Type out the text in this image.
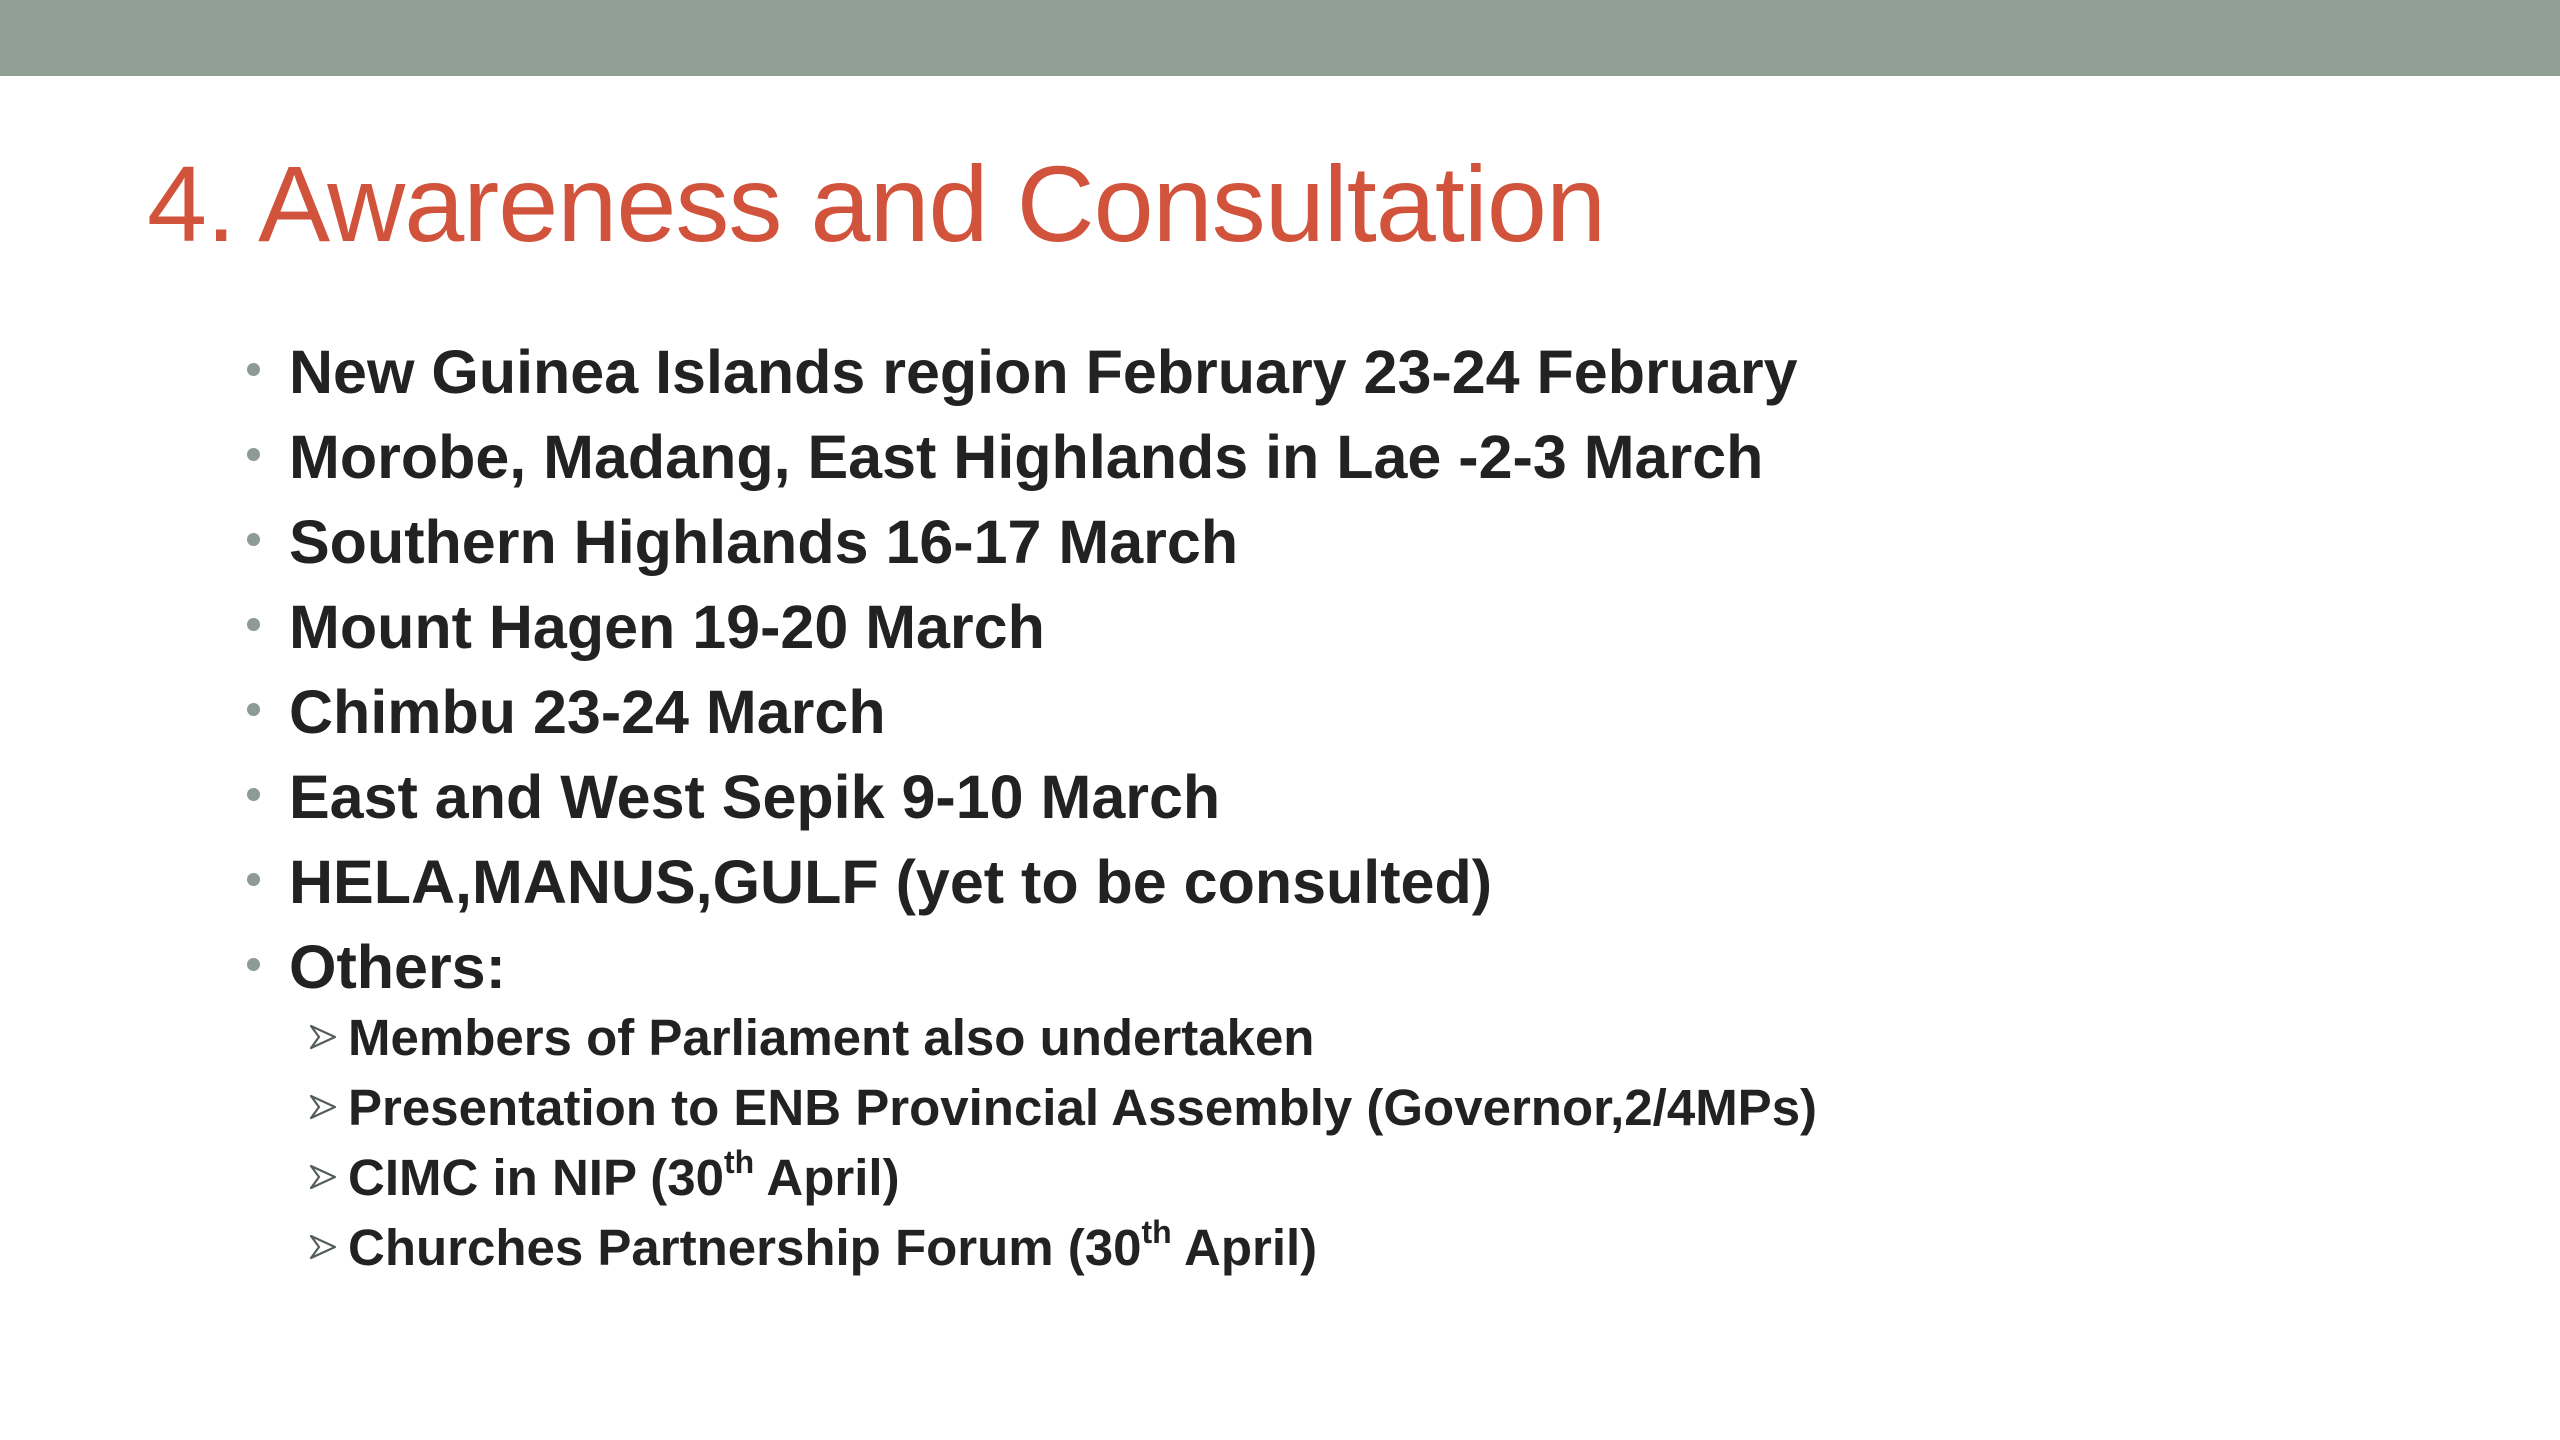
4. Awareness and Consultation
New Guinea Islands region February 23-24 February
Morobe, Madang, East Highlands in Lae -2-3 March
Southern Highlands 16-17 March
Mount Hagen 19-20 March
Chimbu 23-24 March
East and West Sepik 9-10 March
HELA,MANUS,GULF (yet to be consulted)
Others:
Members of Parliament also undertaken
Presentation to ENB Provincial Assembly (Governor,2/4MPs)
CIMC in NIP (30th April)
Churches Partnership Forum (30th April)
